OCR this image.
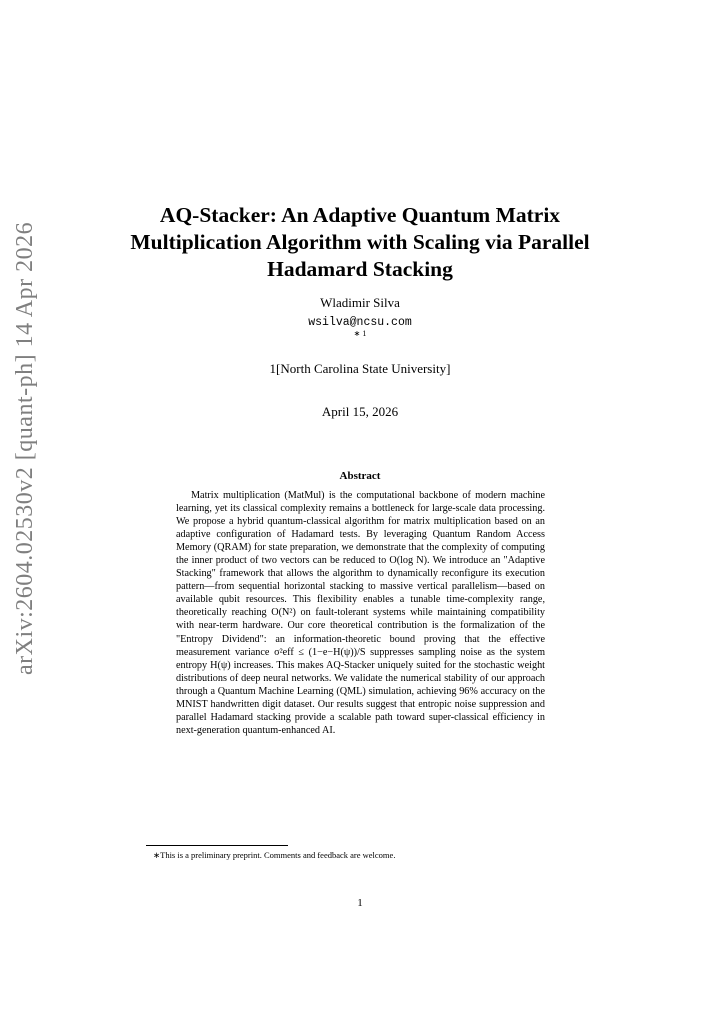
arXiv:2604.02530v2 [quant-ph] 14 Apr 2026
AQ-Stacker: An Adaptive Quantum Matrix Multiplication Algorithm with Scaling via Parallel Hadamard Stacking
Wladimir Silva
wsilva@ncsu.com
∗ 1
1[North Carolina State University]
April 15, 2026
Abstract

Matrix multiplication (MatMul) is the computational backbone of modern machine learning, yet its classical complexity remains a bottleneck for large-scale data processing. We propose a hybrid quantum-classical algorithm for matrix multiplication based on an adaptive configuration of Hadamard tests. By leveraging Quantum Random Access Memory (QRAM) for state preparation, we demonstrate that the complexity of computing the inner product of two vectors can be reduced to O(log N). We introduce an "Adaptive Stacking" framework that allows the algorithm to dynamically reconfigure its execution pattern—from sequential horizontal stacking to massive vertical parallelism—based on available qubit resources. This flexibility enables a tunable time-complexity range, theoretically reaching O(N²) on fault-tolerant systems while maintaining compatibility with near-term hardware. Our core theoretical contribution is the formalization of the "Entropy Dividend": an information-theoretic bound proving that the effective measurement variance σ²eff ≤ (1−e−H(ψ))/S suppresses sampling noise as the system entropy H(ψ) increases. This makes AQ-Stacker uniquely suited for the stochastic weight distributions of deep neural networks. We validate the numerical stability of our approach through a Quantum Machine Learning (QML) simulation, achieving 96% accuracy on the MNIST handwritten digit dataset. Our results suggest that entropic noise suppression and parallel Hadamard stacking provide a scalable path toward super-classical efficiency in next-generation quantum-enhanced AI.

∗This is a preliminary preprint. Comments and feedback are welcome.
1
